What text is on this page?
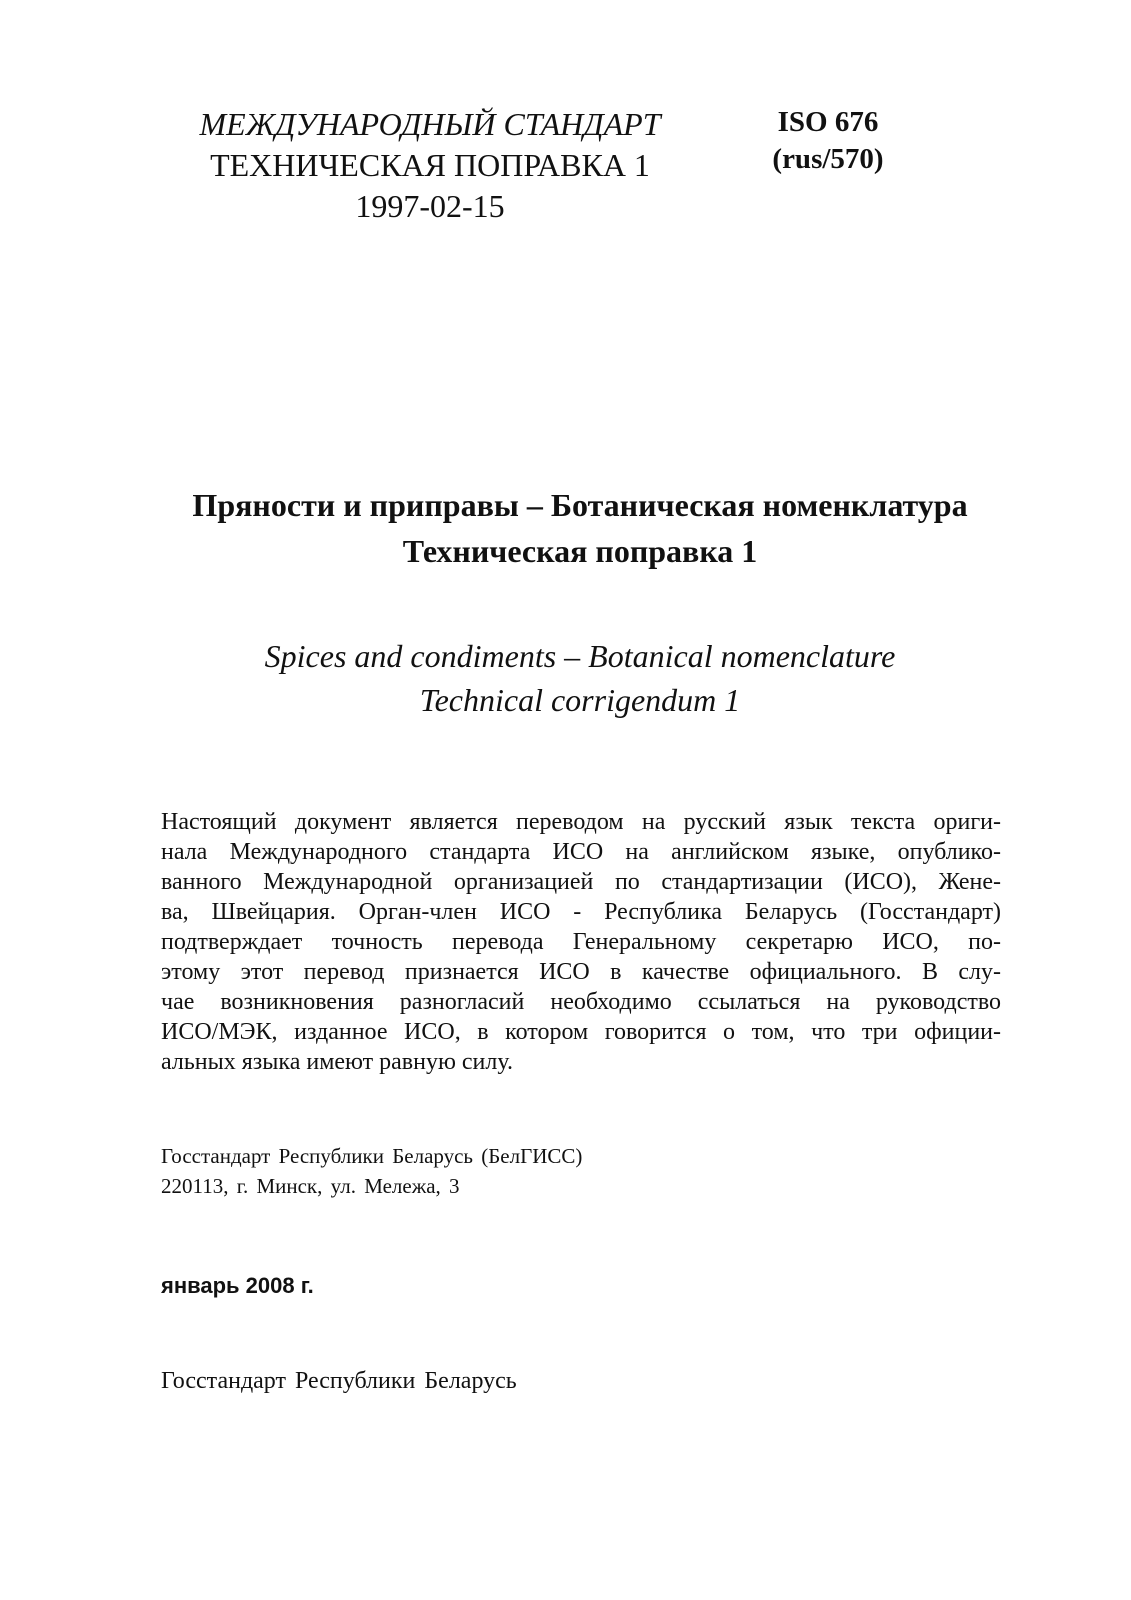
МЕЖДУНАРОДНЫЙ СТАНДАРТ
ТЕХНИЧЕСКАЯ ПОПРАВКА 1
1997-02-15
ISO 676
(rus/570)
Пряности и приправы – Ботаническая номенклатура
Техническая поправка 1
Spices and condiments – Botanical nomenclature
Technical corrigendum 1
Настоящий документ является переводом на русский язык текста ориги-
нала Международного стандарта ИСО на английском языке, опублико-
ванного Международной организацией по стандартизации (ИСО), Жене-
ва, Швейцария. Орган-член ИСО - Республика Беларусь (Госстандарт)
подтверждает точность перевода Генеральному секретарю ИСО, по-
этому этот перевод признается ИСО в качестве официального. В слу-
чае возникновения разногласий необходимо ссылаться на руководство
ИСО/МЭК, изданное ИСО, в котором говорится о том, что три официи-
альных языка имеют равную силу.
Госстандарт Республики Беларусь (БелГИСС)
220113, г. Минск, ул. Мележа, 3
январь 2008 г.
Госстандарт Республики Беларусь
